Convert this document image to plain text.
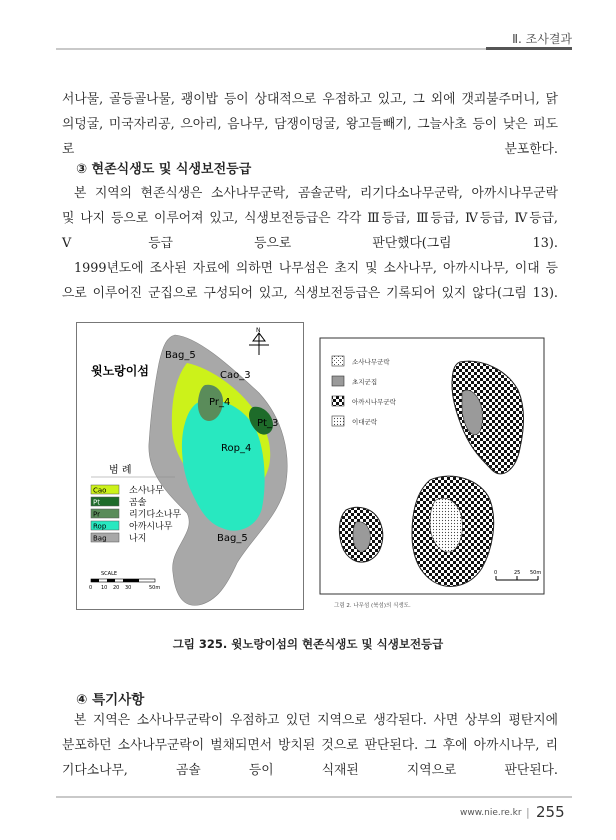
Ⅱ. 조사결과

서나물, 골등골나물, 괭이밥 등이 상대적으로 우점하고 있고, 그 외에 갯괴불주머니, 닭
의덩굴, 미국자리공, 으아리, 음나무, 담쟁이덩굴, 왕고들빼기, 그늘사초 등이 낮은 피도

로 분포한다.

③ 현존식생도 및 식생보전등급

본 지역의 현존식생은 소사나무군락, 곰솔군락, 리기다소나무군락, 아까시나무군락
및 나지 등으로 이루어져 있고, 식생보전등급은 각각 Ⅲ등급, Ⅲ등급, Ⅳ등급, Ⅳ등급,

Ⅴ등급 등으로 판단했다(그림 13).

1999년도에 조사된 자료에 의하면 나무섬은 초지 및 소사나무, 아까시나무, 이대 등

으로 이루어진 군집으로 구성되어 있고, 식생보전등급은 기록되어 있지 않다(그림 13).

Bag_5
Cao_3
Pr_4
Pt_3
Rop_4
Bag_5
윗노랑이섬
N
범 례
Cao	소사나무
Pt	곰솔
Pr	리기다소나무
Rop	아까시나무
Bag 나지
SCALE
0 10 20 30	50m
소사나무군락
초지군집
아까시나무군락
이대군락
0	25 50m
그림 2. 나무섬 (북섬)의 식생도.
그림 325. 윗노랑이섬의 현존식생도 및 식생보전등급
④ 특기사항

본 지역은 소사나무군락이 우점하고 있던 지역으로 생각된다. 사면 상부의 평탄지에
분포하던 소사나무군락이 벌채되면서 방치된 것으로 판단된다. 그 후에 아까시나무, 리

기다소나무, 곰솔 등이 식재된 지역으로 판단된다.

www.nie.re.kr | 255
